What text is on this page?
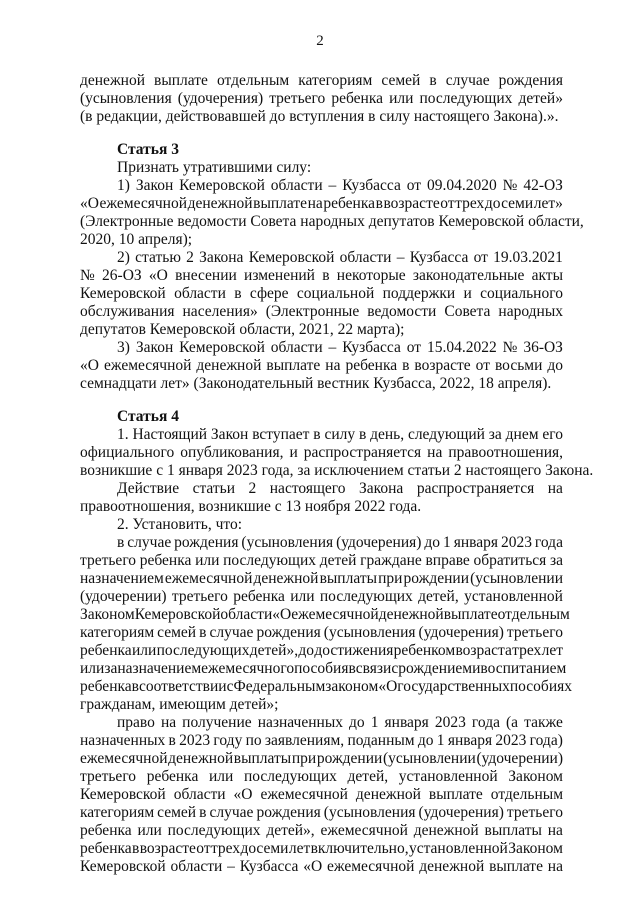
2
денежной выплате отдельным категориям семей в случае рождения
(усыновления (удочерения) третьего ребенка или последующих детей»
(в редакции, действовавшей до вступления в силу настоящего Закона).».
Статья 3
Признать утратившими силу:
1) Закон Кемеровской области – Кузбасса от 09.04.2020 № 42-ОЗ
«О ежемесячной денежной выплате на ребенка в возрасте от трех до семи лет»
(Электронные ведомости Совета народных депутатов Кемеровской области,
2020, 10 апреля);
2) статью 2 Закона Кемеровской области – Кузбасса от 19.03.2021
№ 26-ОЗ «О внесении изменений в некоторые законодательные акты
Кемеровской области в сфере социальной поддержки и социального
обслуживания населения» (Электронные ведомости Совета народных
депутатов Кемеровской области, 2021, 22 марта);
3) Закон Кемеровской области – Кузбасса от 15.04.2022 № 36-ОЗ
«О ежемесячной денежной выплате на ребенка в возрасте от восьми до
семнадцати лет» (Законодательный вестник Кузбасса, 2022, 18 апреля).
Статья 4
1. Настоящий Закон вступает в силу в день, следующий за днем его
официального опубликования, и распространяется на правоотношения,
возникшие с 1 января 2023 года, за исключением статьи 2 настоящего Закона.
Действие статьи 2 настоящего Закона распространяется на
правоотношения, возникшие с 13 ноября 2022 года.
2. Установить, что:
в случае рождения (усыновления (удочерения) до 1 января 2023 года
третьего ребенка или последующих детей граждане вправе обратиться за
назначением ежемесячной денежной выплаты при рождении (усыновлении
(удочерении) третьего ребенка или последующих детей, установленной
Законом Кемеровской области «О ежемесячной денежной выплате отдельным
категориям семей в случае рождения (усыновления (удочерения) третьего
ребенка или последующих детей», до достижения ребенком возраста трех лет
или за назначением ежемесячного пособия в связи с рождением и воспитанием
ребенка в соответствии с Федеральным законом «О государственных пособиях
гражданам, имеющим детей»;
право на получение назначенных до 1 января 2023 года (а также
назначенных в 2023 году по заявлениям, поданным до 1 января 2023 года)
ежемесячной денежной выплаты при рождении (усыновлении (удочерении)
третьего ребенка или последующих детей, установленной Законом
Кемеровской области «О ежемесячной денежной выплате отдельным
категориям семей в случае рождения (усыновления (удочерения) третьего
ребенка или последующих детей», ежемесячной денежной выплаты на
ребенка в возрасте от трех до семи лет включительно, установленной Законом
Кемеровской области – Кузбасса «О ежемесячной денежной выплате на
